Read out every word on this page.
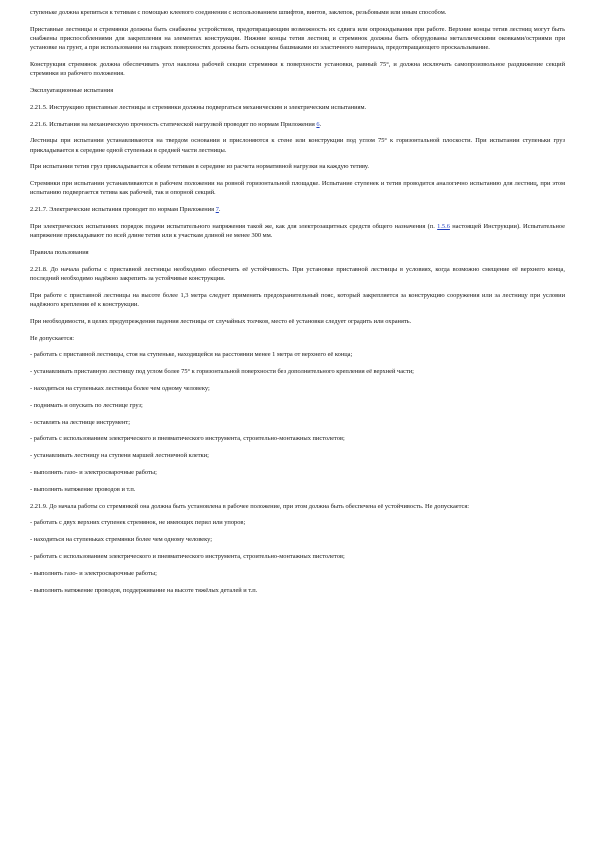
ступеньке должна крепиться к тетивам с помощью клеевого соединения с использованием шпифтов, винтов, заклепок, резьбовыми или иным способом.

Приставные лестницы и стремянки должны быть снабжены устройством, предотвращающим возможность их сдвига или опрокидывания при работе. Верхние концы тетив лестниц могут быть снабжены приспособлениями для закрепления на элементах конструкции. Нижние концы тетив лестниц и стремянок должны быть оборудованы металлическими оковками/остриями при установке на грунт, а при использовании на гладких поверхностях должны быть оснащены башмаками из эластичного материала, предотвращающего проскальзывание.

Конструкция стремянок должна обеспечивать угол наклона рабочей секции стремянки к поверхности установки, равный 75°, и должна исключать самопроизвольное раздвижение секций стремянки из рабочего положения.

Эксплуатационные испытания

2.21.5. Инструкцию приставные лестницы и стремянки должны подвергаться механическим и электрическим испытаниям.

2.21.6. Испытания на механическую прочность статической нагрузкой проводят по нормам Приложения 6.

Лестницы при испытании устанавливаются на твердом основании и прислоняются к стене или конструкции под углом 75° к горизонтальной плоскости. При испытании ступеньки груз прикладывается к середине одной ступеньки в средней части лестницы.

При испытании тетив груз прикладывается к обеим тетивам в середине из расчета нормативной нагрузки на каждую тетиву.

Стремянки при испытании устанавливаются в рабочем положении на ровной горизонтальной площадке. Испытание ступенек и тетив проводится аналогично испытанию для лестниц, при этом испытанию подвергается тетива как рабочей, так и опорной секций.

2.21.7. Электрические испытания проводят по нормам Приложения 7.

При электрических испытаниях порядок подачи испытательного напряжения такой же, как для электрозащитных средств общего назначения (п. 1.5.6 настоящей Инструкции). Испытательное напряжение прикладывают по всей длине тетив или к участкам длиной не менее 300 мм.

Правила пользования

2.21.8. До начала работы с приставной лестницы необходимо обеспечить её устойчивость. При установке приставной лестницы в условиях, когда возможно смещение её верхнего конца, последний необходимо надёжно закрепить за устойчивые конструкции.

При работе с приставной лестницы на высоте более 1,3 метра следует применять предохранительный пояс, который закрепляется за конструкцию сооружения или за лестницу при условии надёжного крепления её к конструкции.

При необходимости, в целях предупреждения падения лестницы от случайных толчков, место её установки следует оградить или охранять.

Не допускается:

- работать с приставной лестницы, стоя на ступеньке, находящейся на расстоянии менее 1 метра от верхнего её конца;

- устанавливать приставную лестницу под углом более 75° к горизонтальной поверхности без дополнительного крепления её верхней части;

- находиться на ступеньках лестницы более чем одному человеку;

- поднимать и опускать по лестнице груз;

- оставлять на лестнице инструмент;

- работать с использованием электрического и пневматического инструмента, строительно-монтажных пистолетов;

- устанавливать лестницу на ступени маршей лестничной клетки;

- выполнять газо- и электросварочные работы;

- выполнять натяжение проводов и т.п.

2.21.9. До начала работы со стремянкой она должна быть установлена в рабочее положение, при этом должна быть обеспечена её устойчивость. Не допускается:

- работать с двух верхних ступенек стремянок, не имеющих перил или упоров;

- находиться на ступеньках стремянки более чем одному человеку;

- работать с использованием электрического и пневматического инструмента, строительно-монтажных пистолетов;

- выполнять газо- и электросварочные работы;

- выполнять натяжение проводов, поддерживание на высоте тяжёлых деталей и т.п.
